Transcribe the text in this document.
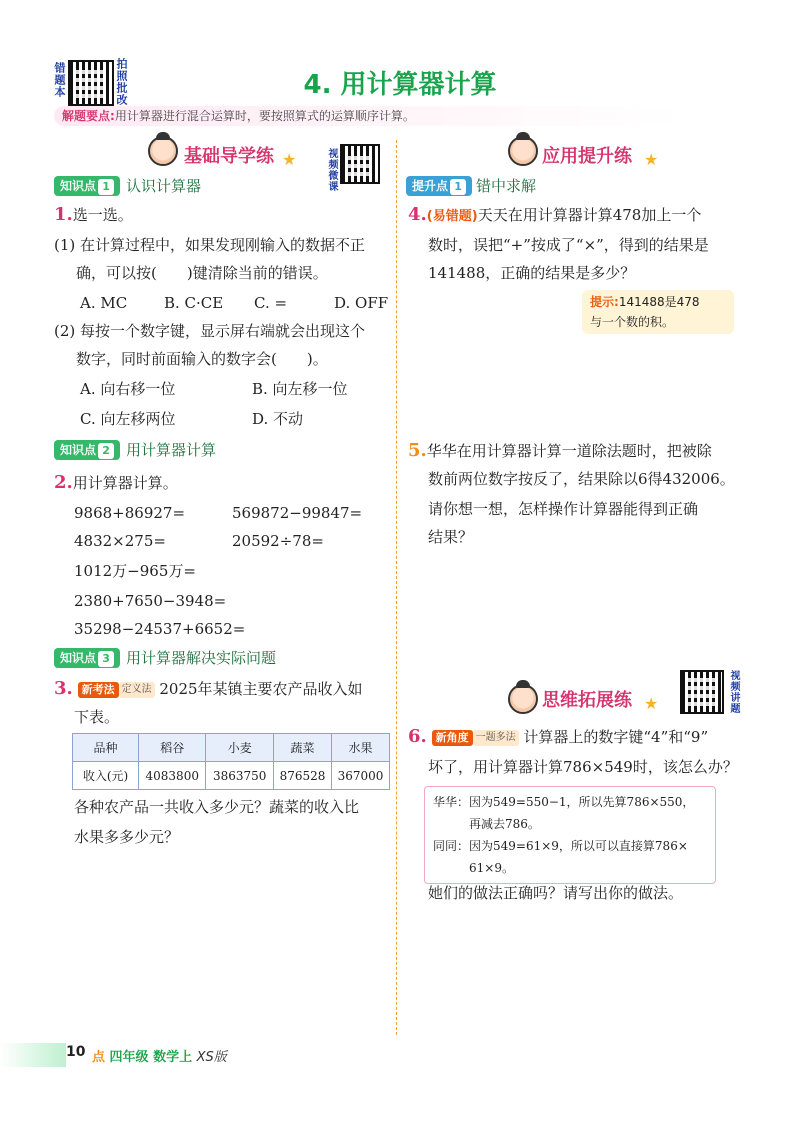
错题本	拍照批改	4. 用计算器计算
解题要点:用计算器进行混合运算时，要按照算式的运算顺序计算。
基础导学练 ★	视频微课
知识点 1	认识计算器
1.选一选。
(1) 在计算过程中，如果发现刚输入的数据不正
确，可以按(　　)键清除当前的错误。
A. MC B. C·CE C. =	D. OFF
(2) 每按一个数字键，显示屏右端就会出现这个
数字，同时前面输入的数字会(　　)。
A. 向右移一位	B. 向左移一位
C. 向左移两位	D. 不动
知识点 2	用计算器计算
2.用计算器计算。
9868+86927=	569872−99847=
4832×275=	20592÷78=
1012万−965万=
2380+7650−3948=
35298−24537+6652=
知识点 3	用计算器解决实际问题
3. 新考法 定义法 2025年某镇主要农产品收入如
下表。
品种	稻谷	小麦	蔬菜	水果
收入(元)	4083800	3863750	876528	367000
各种农产品一共收入多少元？蔬菜的收入比
水果多多少元？
应用提升练 ★
提升点 1 错中求解
4.(易错题)天天在用计算器计算478加上一个
数时，误把“+”按成了“×”，得到的结果是
141488，正确的结果是多少？
提示:141488是478
与一个数的积。
5.华华在用计算器计算一道除法题时，把被除
数前两位数字按反了，结果除以6得432006。
请你想一想，怎样操作计算器能得到正确
结果？
思维拓展练 ★	视频讲题
6. 新角度 一题多法 计算器上的数字键“4”和“9”
坏了，用计算器计算786×549时，该怎么办？
华华：因为549=550−1，所以先算786×550，
再减去786。
同同：因为549=61×9，所以可以直接算786×
61×9。
她们的做法正确吗？请写出你的做法。
10 点 四年级 数学上 XS版
